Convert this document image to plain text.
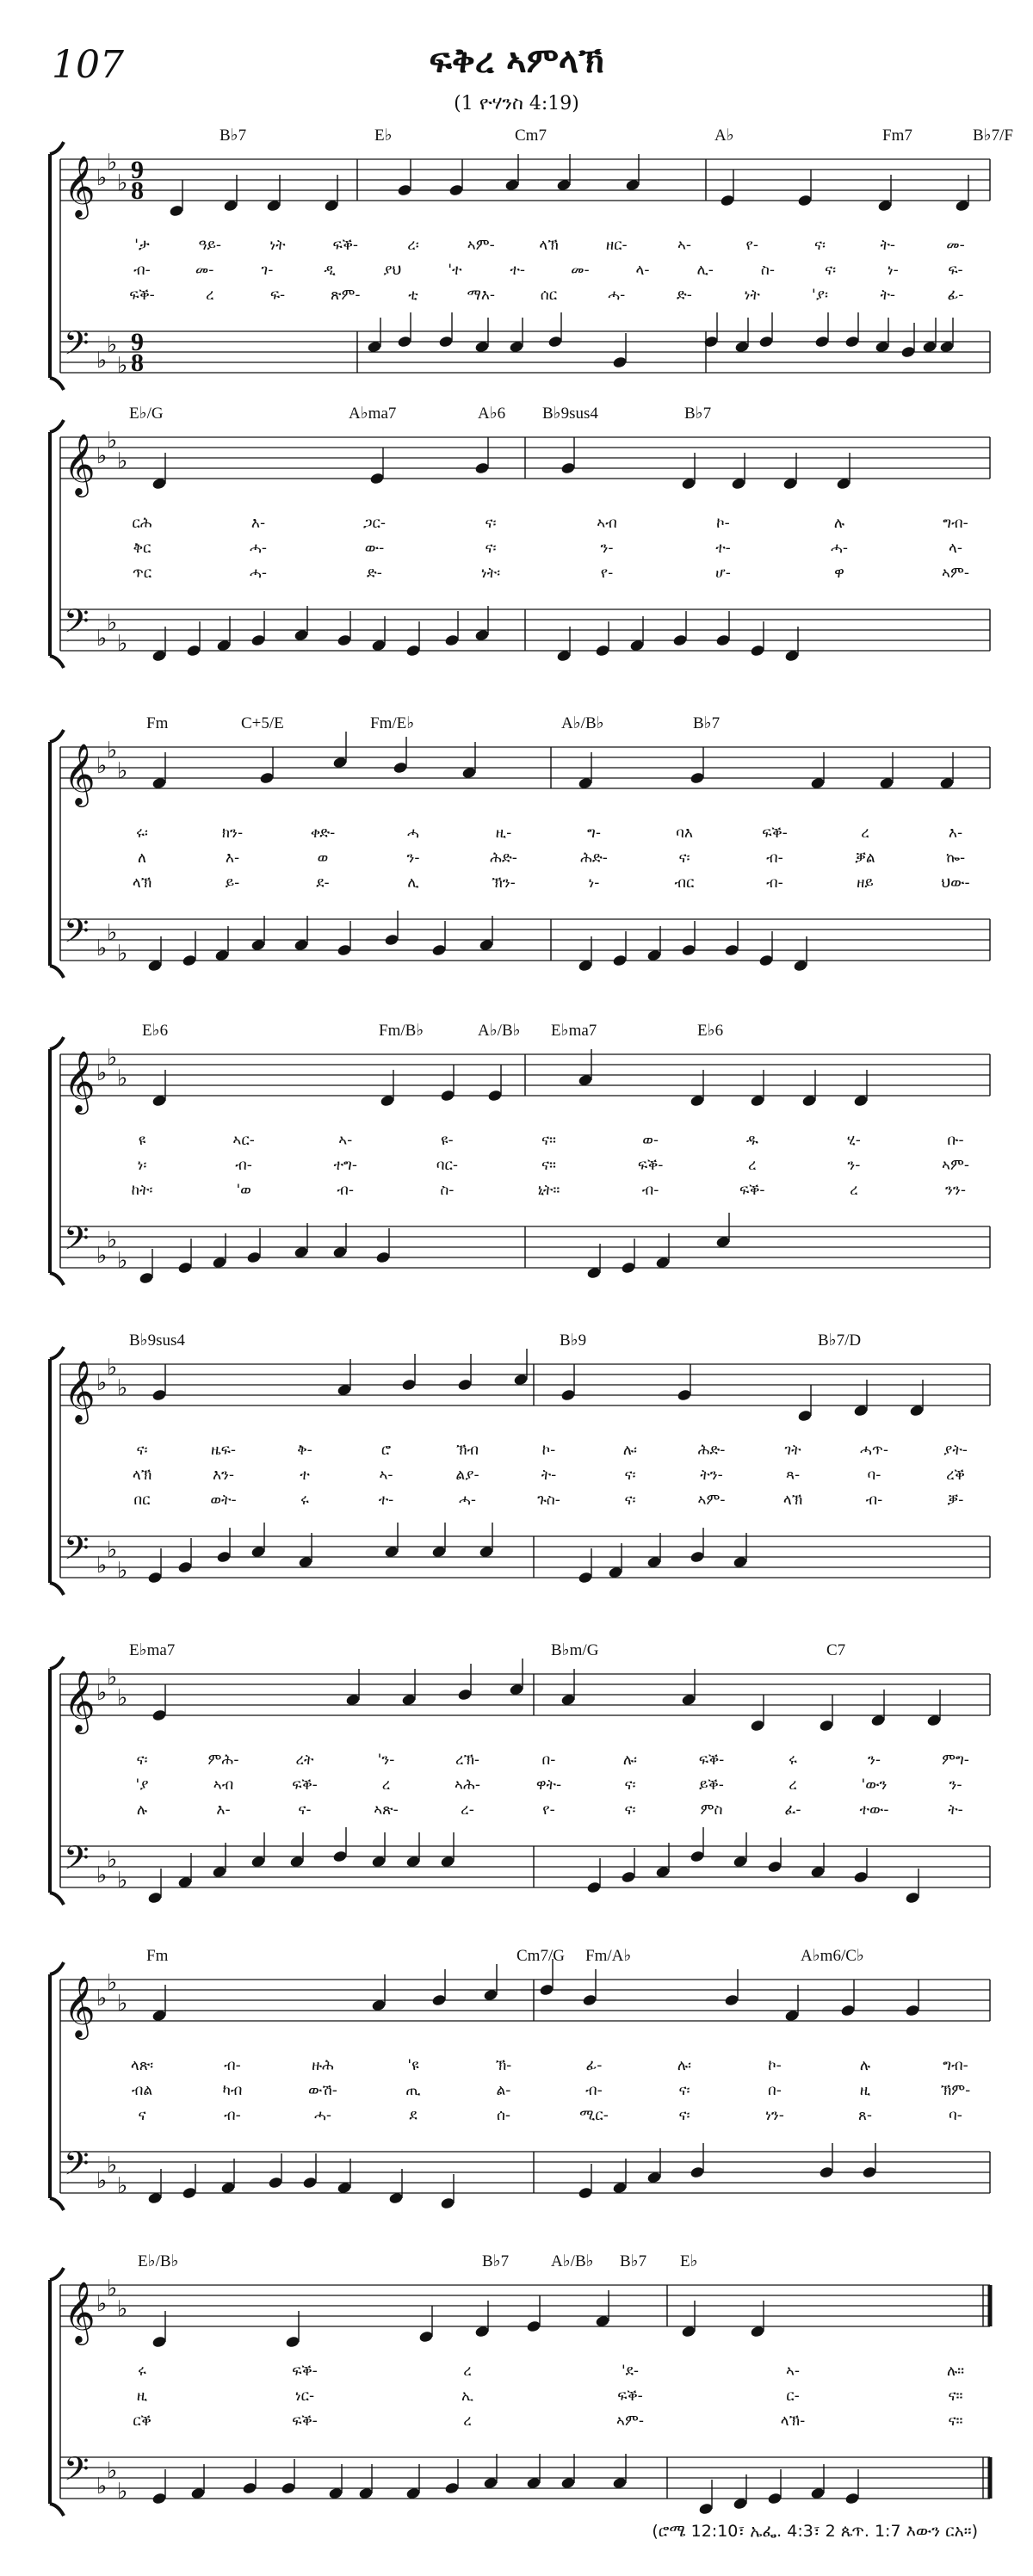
107	ፍቅረ ኣምላኽ
(1 ዮሃንስ 4:19)
𝄞
𝄢
♭
♭
♭
♭
♭
♭
9
8
9
8
B♭7	E♭	Cm7	A♭	Fm7	B♭7/F
'ታ	ዓይ-	ነት	ፍቕ-	ረ፡	ኣም-	ላኽ	ዘር-	ኣ-	የ-	ና፡	ት-	መ-
ብ-	መ-	ገ-	ዲ	ያህ	'ተ	ተ-	መ-	ላ-	ሊ-	ስ-	ና፡	ነ-	ፍ-
ፍቕ-	ረ	ፍ-	ጽም-	ቲ	ማእ-	ሰር	ሓ-	ድ-	ነት	'ያ፡	ት-	ፊ-
𝄞
𝄢
♭
♭
♭
♭
♭
♭
E♭/G	A♭ma7	A♭6 B♭9sus4	B♭7
ርሕ	እ-	ጋር-	ና፡	ኣብ	ኮ-	ሉ	ግብ-
ቅር	ሓ-	ው-	ና፡	ን-	ተ-	ሓ-	ላ-
ጥር	ሓ-	ድ-	ነት፡	የ-	ሆ-	ዋ	ኣም-
𝄞
𝄢
♭
♭
♭
♭
♭
♭
Fm	C+5/E	Fm/E♭	A♭/B♭	B♭7
ሩ፡	ክን-	ቀድ-	ሓ	ዚ-	ግ-	ባእ	ፍቕ-	ረ	እ-
ለ	እ-	ወ	ን-	ሕድ-	ሕድ-	ና፡	ብ-	ቓል	ኰ-
ላኽ	ይ-	ደ-	ሊ	ኽን-	ነ-	ብር	ብ-	ዘይ	ህው-
𝄞
𝄢
♭
♭
♭
♭
♭
♭
E♭6	Fm/B♭	A♭/B♭ E♭ma7	E♭6
ዩ	ኣር-	ኣ-	ዩ-	ና።	ወ-	ዱ	ሂ-	ቡ-
ነ፡	ብ-	ተግ-	ባር-	ና።	ፍቕ-	ረ	ን-	ኣም-
ከት፡	'ወ	ብ-	ስ-	ኒት።	ብ-	ፍቕ-	ረ	ንን-
𝄞
𝄢
♭
♭
♭
♭
♭
♭
B♭9sus4	B♭9	B♭7/D
ና፡	ዜፍ-	ቅ-	ሮ	ኽብ	ኮ-	ሉ፡	ሕድ-	ገት	ሓጥ-	ያት-
ላኽ	እን-	ተ	ኣ-	ልያ-	ት-	ና፡	ትን-	ጻ-	ባ-	ረቕ
በር	ወት-	ሩ	ተ-	ሓ-	ጉስ-	ና፡	ኣም-	ላኽ	ብ-	ቓ-
𝄞
𝄢
♭
♭
♭
♭
♭
♭
E♭ma7	B♭m/G	C7
ና፡	ምሕ-	ረት	'ን-	ረኽ-	በ-	ሉ፡	ፍቕ-	ሩ	ን-	ምግ-
'ያ	ኣብ	ፍቕ-	ረ	ኣሕ-	ዋት-	ና፡	ይቕ-	ረ	'ውን	ን-
ሉ	እ-	ና-	ኣጽ-	ረ-	የ-	ና፡	ምስ	ፈ-	ተው-	ት-
𝄞
𝄢
♭
♭
♭
♭
♭
♭
Fm	Cm7/G Fm/A♭	A♭m6/C♭
ላጽ፡	ብ-	ዙሕ	'ዩ	ኽ-	ፊ-	ሉ፡	ኮ-	ሉ	ግብ-
ብል	ካብ	ውሽ-	ጢ	ል-	ብ-	ና፡	በ-	ዚ	ኽም-
ና	ብ-	ሓ-	ደ	ሰ-	ሚር-	ና፡	ነን-	ጸ-	ባ-
𝄞
𝄢
♭
♭
♭
♭
♭
♭
E♭/B♭	B♭7	A♭/B♭ B♭7 E♭
ሩ	ፍቕ-	ረ	'ደ-	ኣ-	ሉ።
ዚ	ነር-	ኢ	ፍቕ-	ር-	ና።
ርቕ	ፍቕ-	ረ	ኣም-	ላኽ-	ና።
(ሮሜ 12:10፣ ኤፌ. 4:3፣ 2 ጴጥ. 1:7 እውን ርአ።)
